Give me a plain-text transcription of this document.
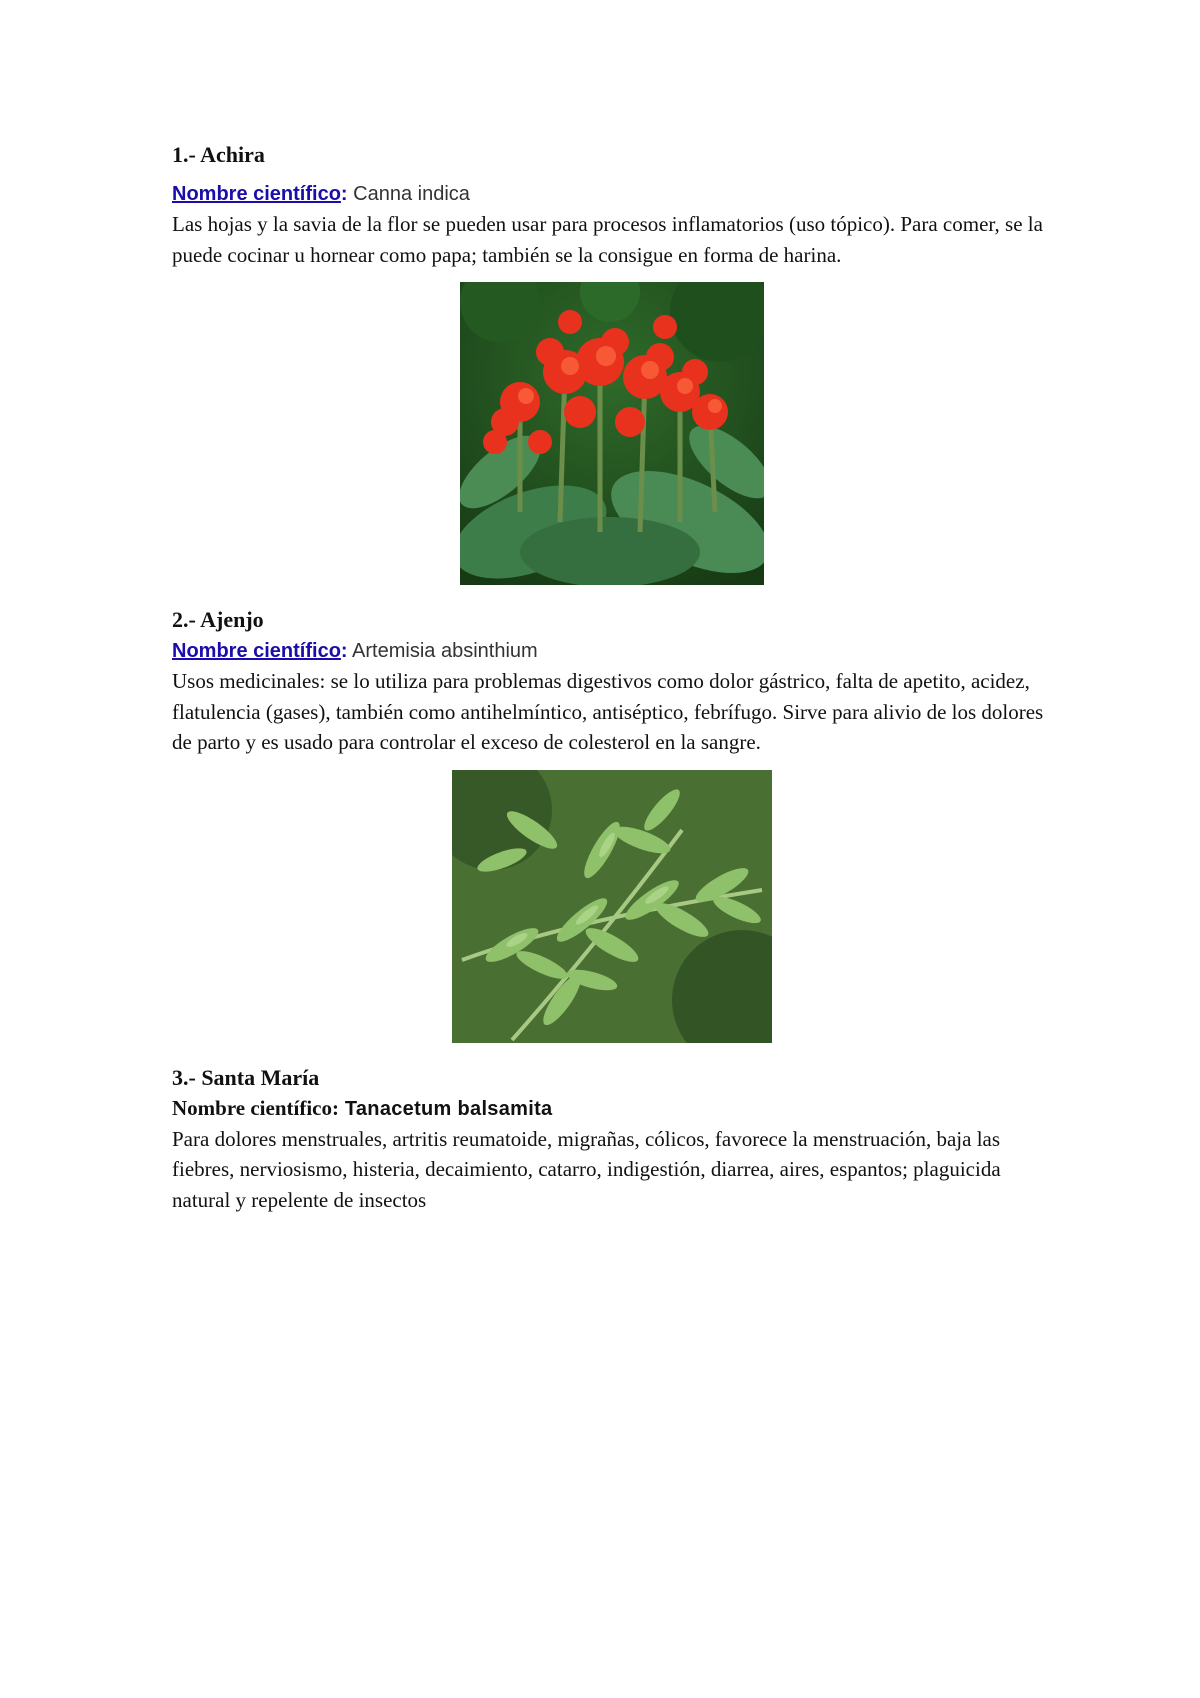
1.- Achira

Nombre científico: Canna indica

Las hojas y la savia de la flor se pueden usar para procesos inflamatorios (uso tópico). Para comer, se la puede cocinar u hornear como papa; también se la consigue en forma de harina.

2.- Ajenjo

Nombre científico: Artemisia absinthium

Usos medicinales: se lo utiliza para problemas digestivos como dolor gástrico, falta de apetito, acidez, flatulencia (gases), también como antihelmíntico, antiséptico, febrífugo. Sirve para alivio de los dolores de parto y es usado para controlar el exceso de colesterol en la sangre.

3.- Santa María

Nombre científico: Tanacetum balsamita

Para dolores menstruales, artritis reumatoide, migrañas, cólicos, favorece la menstruación, baja las fiebres, nerviosismo, histeria, decaimiento, catarro, indigestión, diarrea, aires, espantos; plaguicida natural y repelente de insectos
